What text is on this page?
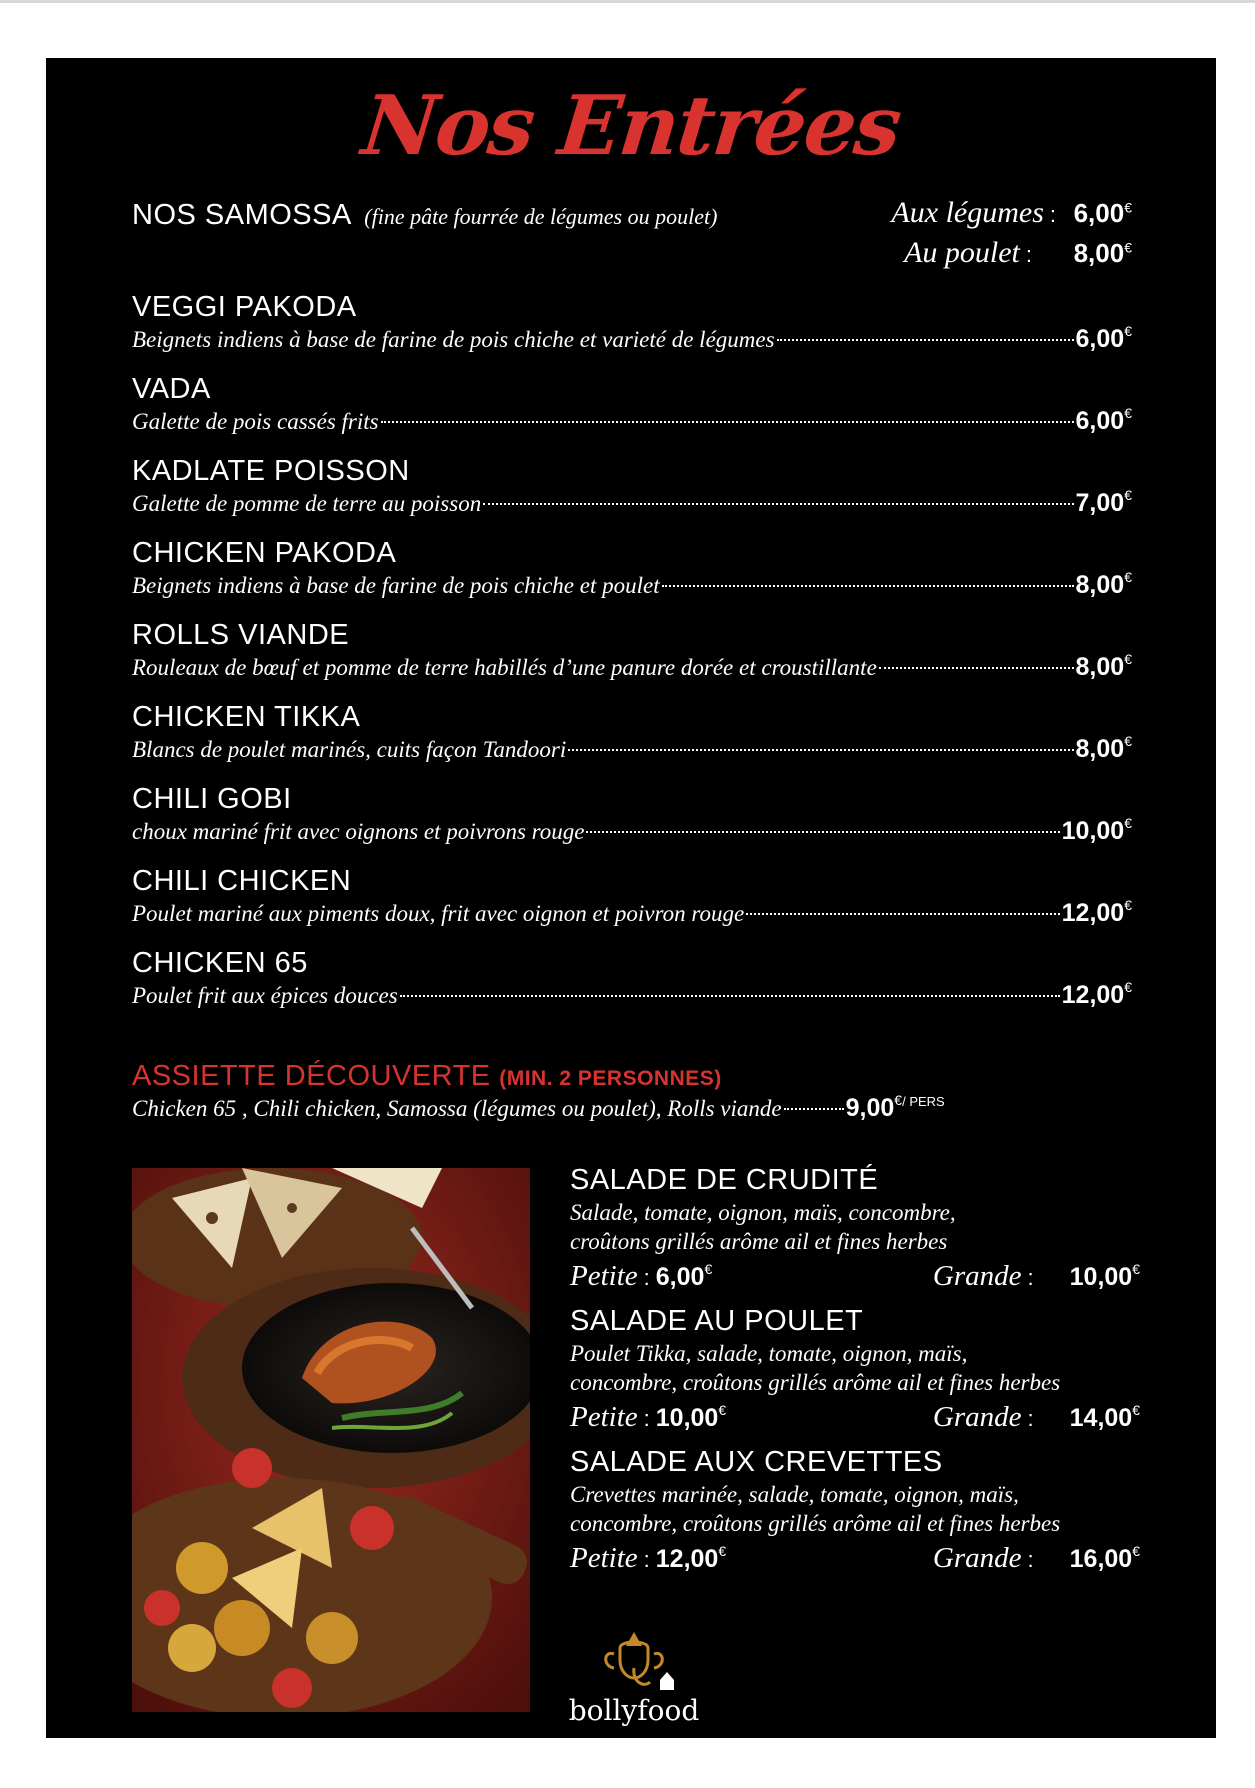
Nos Entrées
NOS SAMOSSA (fine pâte fourrée de légumes ou poulet)	Aux légumes : 6,00€
Au poulet : 8,00€
VEGGI PAKODA
Beignets indiens à base de farine de pois chiche et varieté de légumes	6,00€
VADA
Galette de pois cassés frits	6,00€
KADLATE POISSON
Galette de pomme de terre au poisson	7,00€
CHICKEN PAKODA
Beignets indiens à base de farine de pois chiche et poulet	8,00€
ROLLS VIANDE
Rouleaux de bœuf et pomme de terre habillés d’une panure dorée et croustillante	8,00€
CHICKEN TIKKA
Blancs de poulet marinés, cuits façon Tandoori	8,00€
CHILI GOBI
choux mariné frit avec oignons et poivrons rouge	10,00€
CHILI CHICKEN
Poulet mariné aux piments doux, frit avec oignon et poivron rouge	12,00€
CHICKEN 65
Poulet frit aux épices douces	12,00€
ASSIETTE DÉCOUVERTE (MIN. 2 PERSONNES)
Chicken 65 , Chili chicken, Samossa (légumes ou poulet), Rolls viande	$9,00^{€/ PERS}$
SALADE DE CRUDITÉ
Salade, tomate, oignon, maïs, concombre,
croûtons grillés arôme ail et fines herbes
Petite : 6,00€	Grande : 10,00€
SALADE AU POULET
Poulet Tikka, salade, tomate, oignon, maïs,
concombre, croûtons grillés arôme ail et fines herbes
Petite : 10,00€	Grande : 14,00€
SALADE AUX CREVETTES
Crevettes marinée, salade, tomate, oignon, maïs,
concombre, croûtons grillés arôme ail et fines herbes
Petite : 12,00€	Grande : 16,00€
bollyfood
